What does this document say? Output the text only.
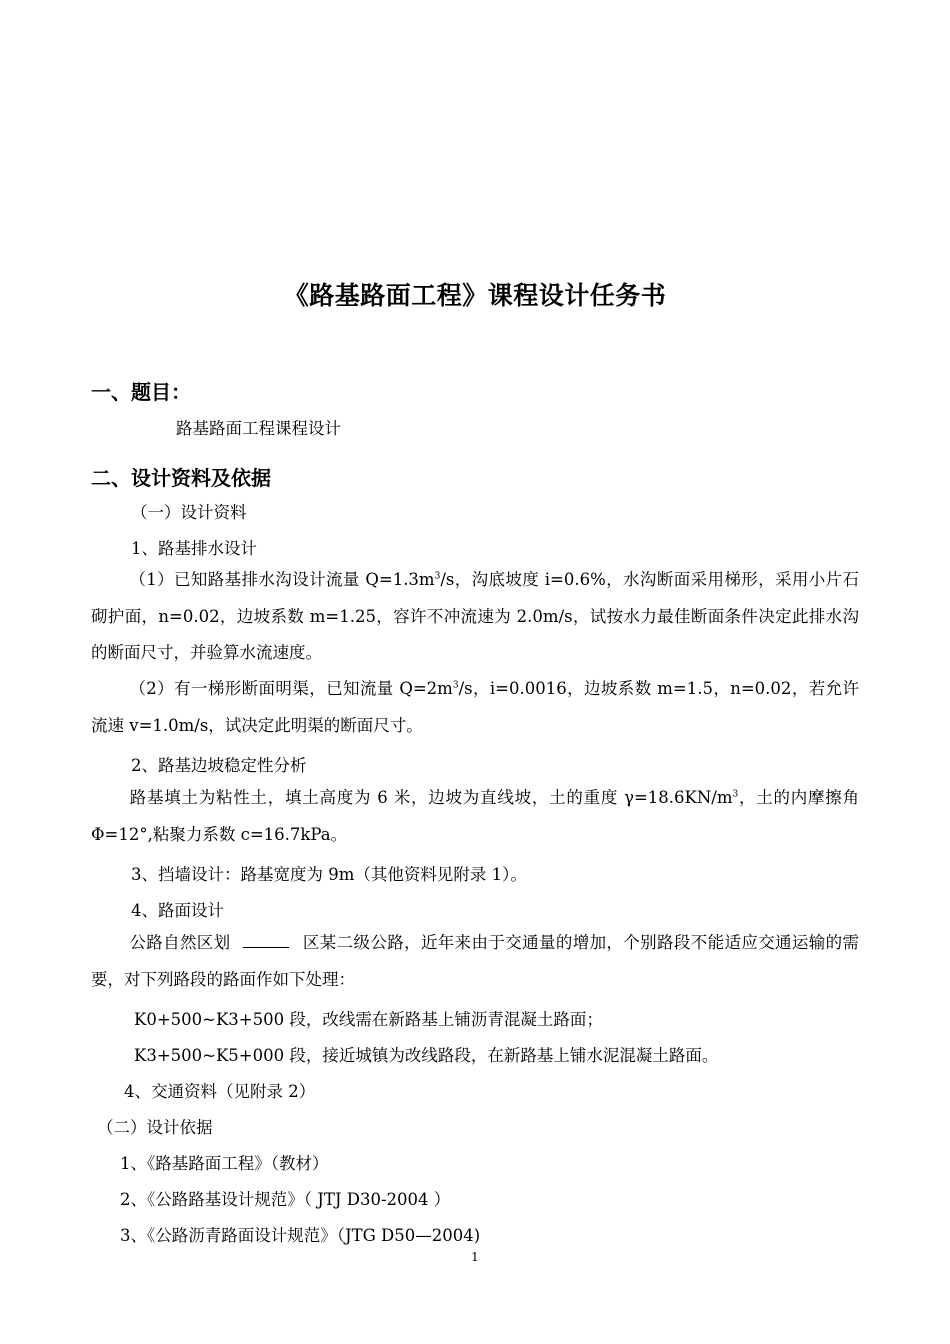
《路基路面工程》课程设计任务书
一、题目：
路基路面工程课程设计
二、设计资料及依据
（一）设计资料
1、路基排水设计
（1）已知路基排水沟设计流量 $Q=1.3m^3/s$，沟底坡度 i=0.6%，水沟断面采用梯形，采用小片石砌护面，n=0.02，边坡系数 m=1.25，容许不冲流速为 2.0m/s，试按水力最佳断面条件决定此排水沟的断面尺寸，并验算水流速度。
（2）有一梯形断面明渠，已知流量 $Q=2m^3/s$，i=0.0016，边坡系数 m=1.5，n=0.02，若允许流速 v=1.0m/s，试决定此明渠的断面尺寸。
2、路基边坡稳定性分析
路基填土为粘性土，填土高度为 6 米，边坡为直线坡，土的重度 $\gamma=18.6KN/m^3$，土的内摩擦角 Φ=12°,粘聚力系数 c=16.7kPa。
3、挡墙设计：路基宽度为 9m（其他资料见附录 1）。
4、路面设计
公路自然区划	区某二级公路，近年来由于交通量的增加，个别路段不能适应交通运输的需要，对下列路段的路面作如下处理：
K0+500~K3+500 段，改线需在新路基上铺沥青混凝土路面；
K3+500~K5+000 段，接近城镇为改线路段，在新路基上铺水泥混凝土路面。
4、交通资料（见附录 2）
（二）设计依据
1、《路基路面工程》（教材）
2、《公路路基设计规范》（ JTJ D30-2004 ）
3、《公路沥青路面设计规范》（JTG D50—2004)
1
